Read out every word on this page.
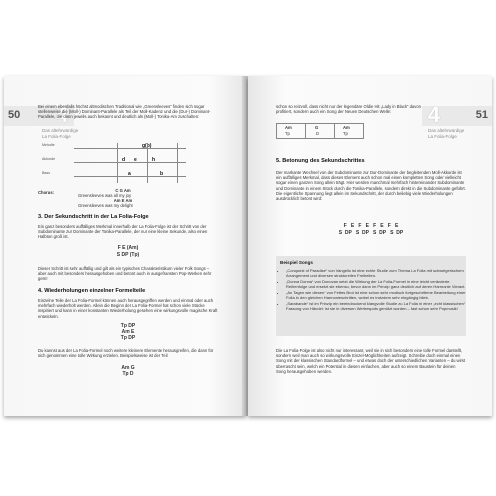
50 4
Das altehrwürdige
La Folia-Folge

Bei einem ebenfalls höchst altmodischen Traditional wie „Greensleeves“ finden sich sogar stellenweise die (Moll-) Dominant-Parallele als Teil der Moll-Kadenz und die (Dur-) Dominant-Parallele, die dann jeweils auch bekannt und deutlich als (Moll-) Tonika-Am zuschalten:

Melodie	g(b)
Akkorde	d e	h
Bass	a	b
Chorus:	C G Am

Greensleeves was all my joy

Am E Am

Greensleeves was my delight

3. Der Sekundschritt in der La Folia-Folge

Ein ganz besonders auffälliges Merkmal innerhalb der La Folia-Folge ist der Schritt von der Subdominante zur Dominante der Tonika-Parallele, der nur eine kleine Sekunde, also einen Halbton groß ist.

F E (Am)

S DP (Tp)

Dieser Schritt ist sehr auffällig und gilt als ein typisches Charakteristikum vieler Folk Songs – aber auch mit besonders herausgehoben und betont auch in ausgefransten Pop-Werken sehr gern!

4. Wiederholungen einzelner Formelteile

Einzelne Teile der La Folia-Formel können auch herausgegriffen werden und einmal oder auch mehrfach wiederholt werden. Allein die Beginn der La Folia-Formel hat schon viele Stücke inspiriert und kann in einer konstanten Wiederholung gesehen eine wirkungsvolle magische Kraft entwickeln.

Tp DP

Am E

Tp DP

Du kannst aus der La Folia-Formel noch weitere kleinere Elemente herausgreifen, die dann für sich genommen eine tolle Wirkung erzielen. Beispielsweise ist der Teil

Am G

Tp D

51
4
Das altehrwürdige
La Folia-Folge

schon so reizvoll, dass nicht nur der legendäre Oldie Hit „Lady in Black“ davon profitiert, sondern auch ein Song der Neuen Deutschen Welle:

Am	G	Am
Tp	D	Tp
5. Betonung des Sekundschrittes

Der markante Wechsel von der Subdominante zur Dur-Dominante der begleitenden Moll-Akkorde ist ein auffälliges Merkmal, dass dieses Element auch schon mal einen kompletten Song oder vielleicht sogar einen ganzen Song allein trägt. Hier werden manchmal mehrfach hintereinander Subdominante und Dominante in einem Stück durch die Tonika-Parallele, sondern direkt in die Subdominante geführt. Die eigentliche Spannung liegt allein im Sekundschritt, der durch beliebig viele Wiederholungen ausdrücklich betont wird:

F   E   F   E   F   E   F   E

S  DP   S  DP   S  DP   S  DP

Beispiel Songs
• „Conquest of Paradise“ von Vangelis ist eine echte Studie zum Thema La Folia mit schwelgerischem Arrangement und diversen strukturellen Freiheiten.
• „Donna Donna“ von Donovan setzt die Wirkung der La Folia-Formel in eine leicht veränderte Reihenfolge und ersetzt sie ebenso, bevor dann im Prinzip ganz deutlich auf deren Harmonie Vieraxt.
• „An Tagen wie diesen“ von Fettes Brot ist eine schon sehr modisch fortgeschrittene Bearbeitung einer Folia in den gleichen Harmonieschritten, wobei es trotzdem sehr eingängig blieb.
• „Sarabande“ ist im Prinzip ein beeindruckend klangvolle Studie zu La Folia in einer „echt klassischen“ Fassung von Händel: ist sie in diversen Werbespots genützt worden – fast schon sehr Popmusik!

Die La Folia-Folge ist also nicht nur interessant, weil sie in sich besonders eine tolle Formel darstellt, sondern weil man auch so wirkungsvolle Einzel-Möglichkeiten aufzeigt. Schreibe doch einmal einen Song mit der klassischen Standardformel – und etwas doch der unterschiedlichen Varianten – du wirst überrascht sein, welch ein Potential in diesen einfachen, aber auch so einem Baustein für deinen Song herausgehoben werden.
